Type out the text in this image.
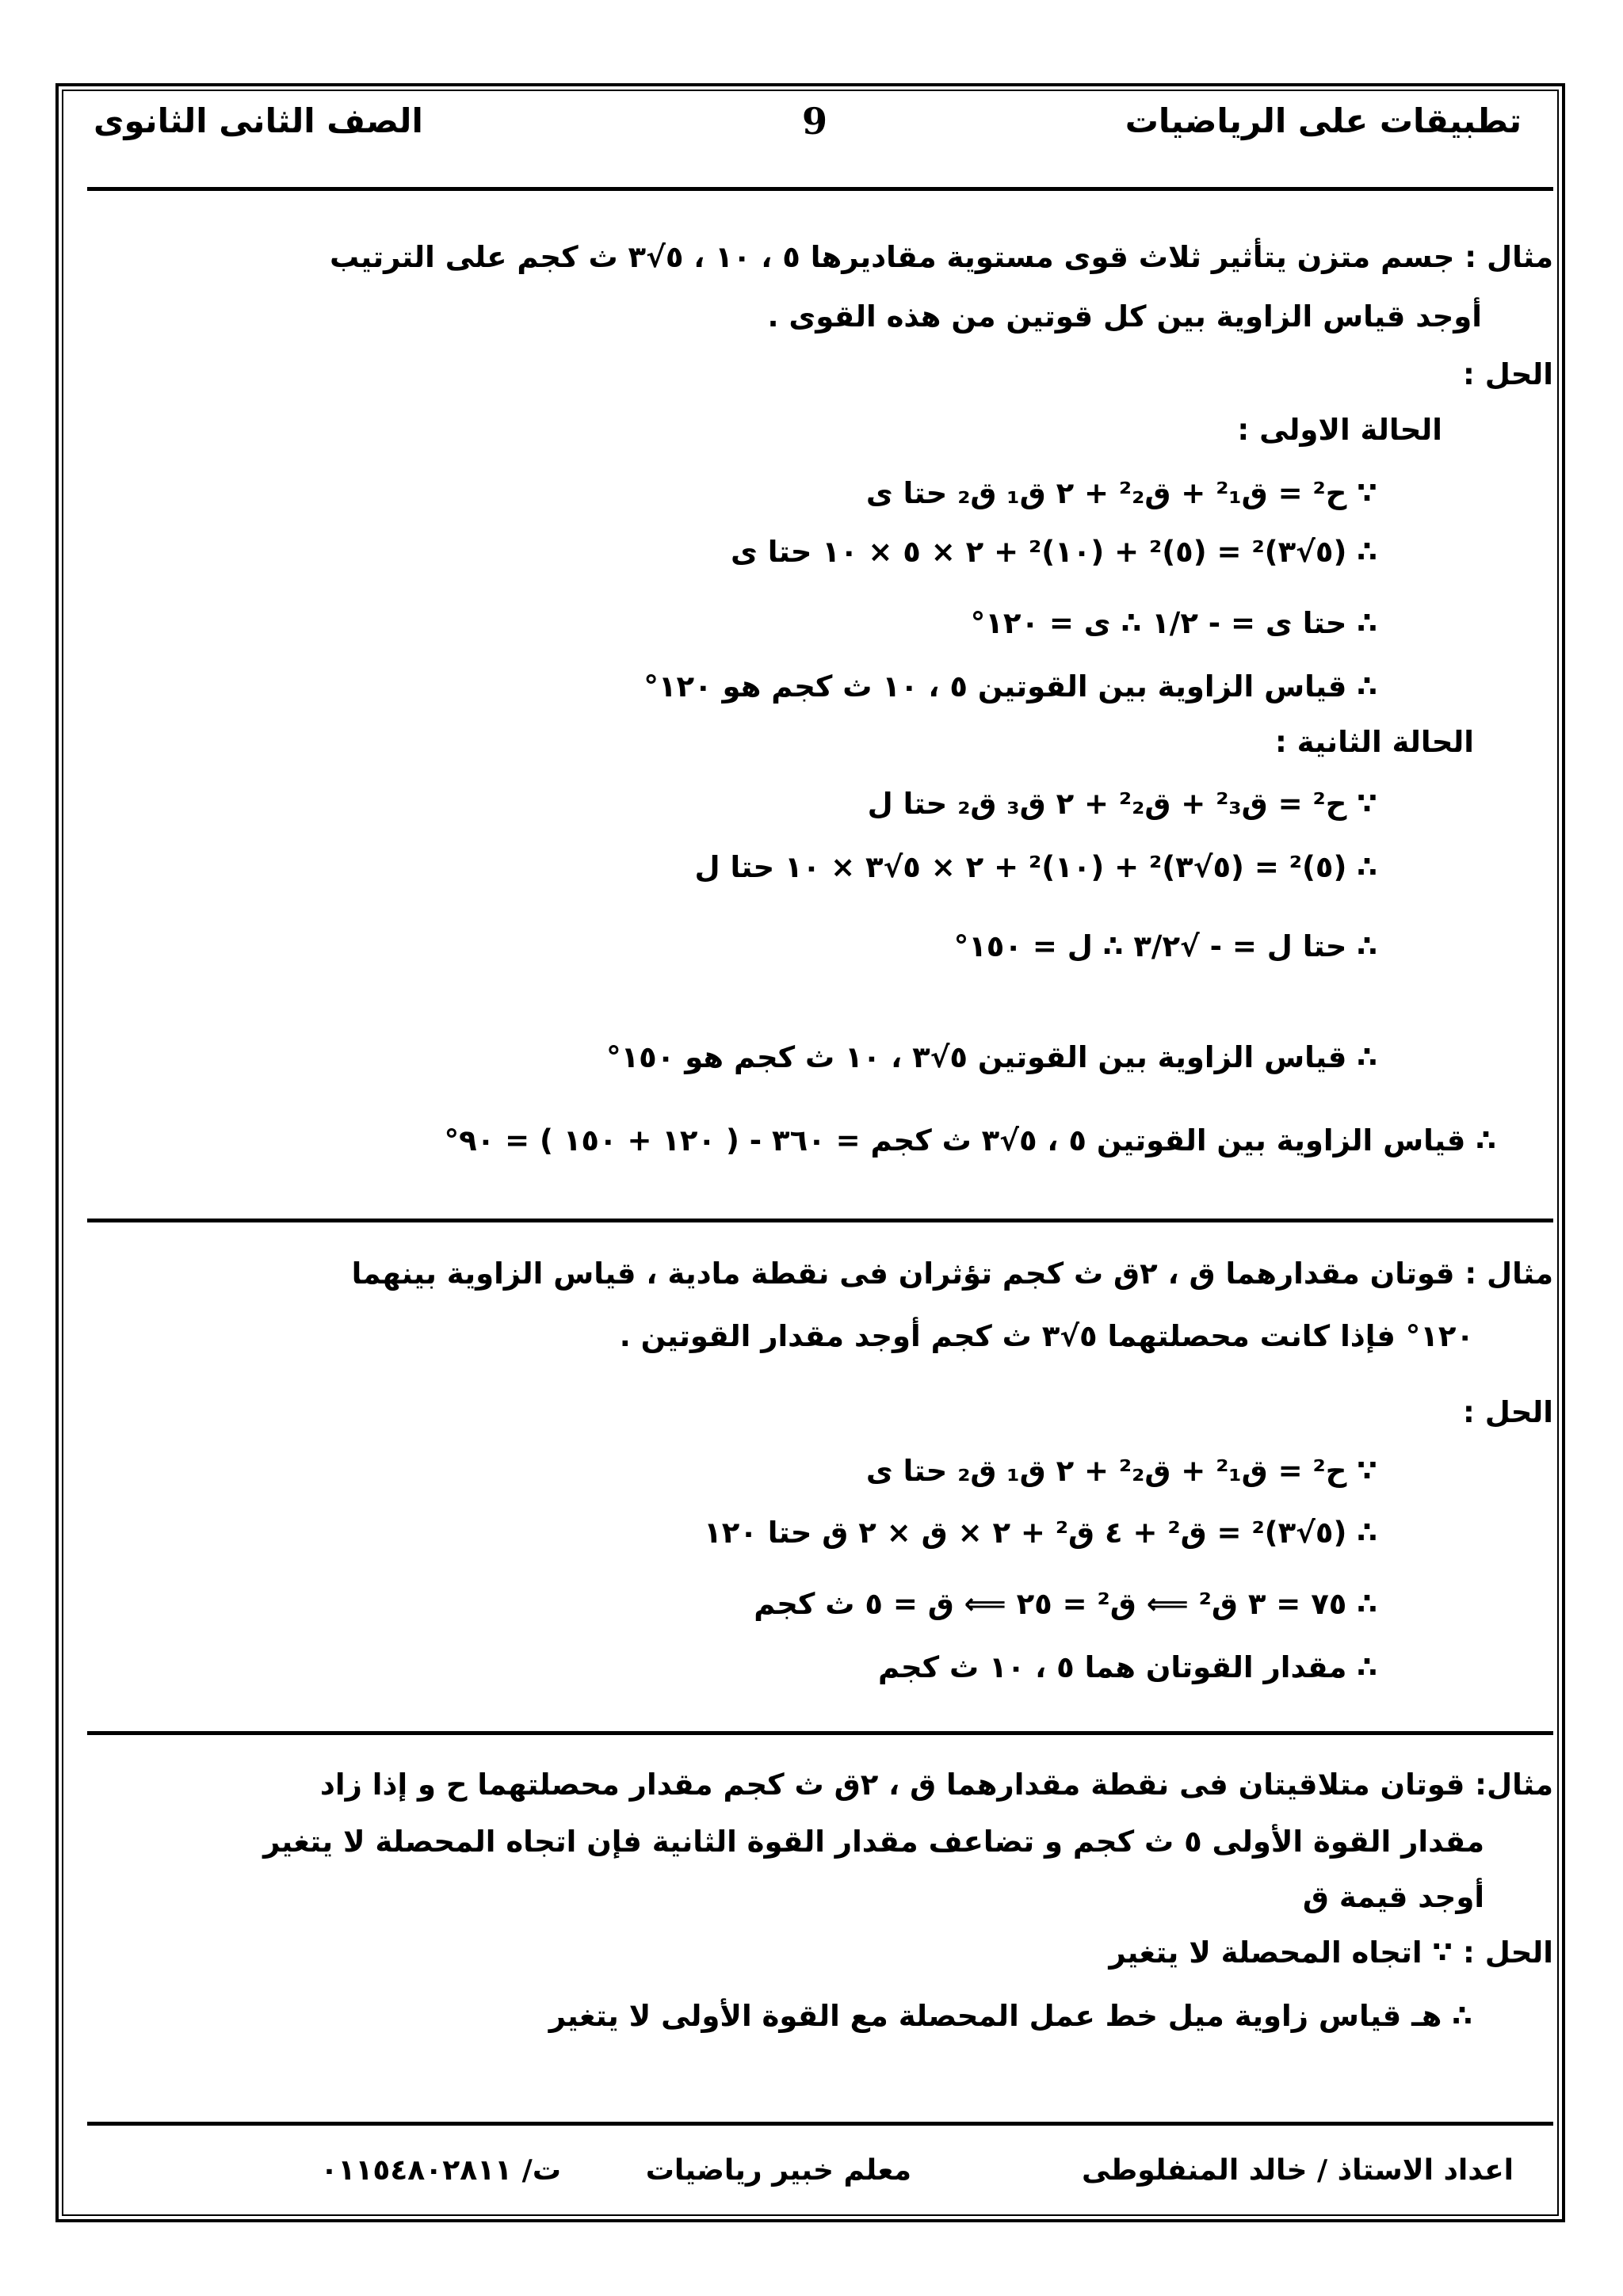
تطبيقات على الرياضيات
9
الصف الثانى الثانوى
مثال : جسم متزن يتأثير ثلاث قوى مستوية مقاديرها ٥ ، ١٠ ، ٥√٣ ث كجم على الترتيب
أوجد قياس الزاوية بين كل قوتين من هذه القوى .
الحل :
الحالة الاولى :
∵ ح² = ق²₁ + ق²₂ + ٢ ق₁ ق₂ حتا ى
∴ (٥√٣)² = (٥)² + (١٠)² + ٢ × ٥ × ١٠ حتا ى
∴ حتا ى = - ١/٢ ∴ ى = ١٢٠°
∴ قياس الزاوية بين القوتين ٥ ، ١٠ ث كجم هو ١٢٠°
الحالة الثانية :
∵ ح² = ق²₃ + ق²₂ + ٢ ق₃ ق₂ حتا ل
∴ (٥)² = (٥√٣)² + (١٠)² + ٢ × ٥√٣ × ١٠ حتا ل
∴ حتا ل = - √٣/٢ ∴ ل = ١٥٠°
∴ قياس الزاوية بين القوتين ٥√٣ ، ١٠ ث كجم هو ١٥٠°
∴ قياس الزاوية بين القوتين ٥ ، ٥√٣ ث كجم = ٣٦٠ - ( ١٢٠ + ١٥٠ ) = ٩٠°
مثال : قوتان مقدارهما ق ، ٢ق ث كجم تؤثران فى نقطة مادية ، قياس الزاوية بينهما
١٢٠° فإذا كانت محصلتهما ٥√٣ ث كجم أوجد مقدار القوتين .
الحل :
∵ ح² = ق²₁ + ق²₂ + ٢ ق₁ ق₂ حتا ى
∴ (٥√٣)² = ق² + ٤ ق² + ٢ × ق × ٢ ق حتا ١٢٠
∴ ٧٥ = ٣ ق² ⟸ ق² = ٢٥ ⟸ ق = ٥ ث كجم
∴ مقدار القوتان هما ٥ ، ١٠ ث كجم
مثال: قوتان متلاقيتان فى نقطة مقدارهما ق ، ٢ق ث كجم مقدار محصلتهما ح و إذا زاد
مقدار القوة الأولى ٥ ث كجم و تضاعف مقدار القوة الثانية فإن اتجاه المحصلة لا يتغير
أوجد قيمة ق
الحل : ∵ اتجاه المحصلة لا يتغير
∴ هـ قياس زاوية ميل خط عمل المحصلة مع القوة الأولى لا يتغير
اعداد الاستاذ / خالد المنفلوطى
معلم خبير رياضيات
ت/ ٠١١٥٤٨٠٢٨١١
